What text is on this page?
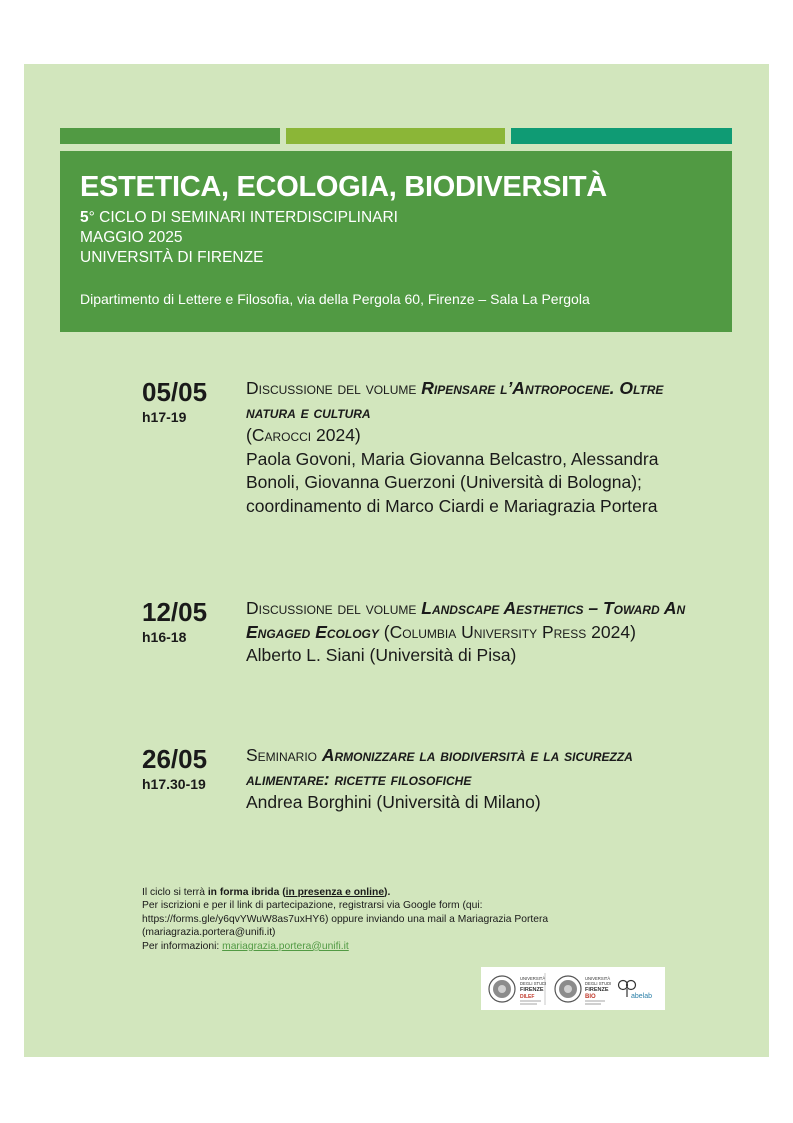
ESTETICA, ECOLOGIA, BIODIVERSITÀ
5° CICLO DI SEMINARI INTERDISCIPLINARI
MAGGIO 2025
UNIVERSITÀ DI FIRENZE
Dipartimento di Lettere e Filosofia, via della Pergola 60, Firenze – Sala La Pergola
05/05
h17-19
Discussione del volume Ripensare l’Antropocene. Oltre natura e cultura
(Carocci 2024)
Paola Govoni, Maria Giovanna Belcastro, Alessandra Bonoli, Giovanna Guerzoni (Università di Bologna);
coordinamento di Marco Ciardi e Mariagrazia Portera
12/05
h16-18
Discussione del volume Landscape Aesthetics – Toward An Engaged Ecology (Columbia University Press 2024)
Alberto L. Siani (Università di Pisa)
26/05
h17.30-19
Seminario Armonizzare la biodiversità e la sicurezza alimentare: ricette filosofiche
Andrea Borghini (Università di Milano)
Il ciclo si terrà in forma ibrida (in presenza e online).
Per iscrizioni e per il link di partecipazione, registrarsi via Google form (qui: https://forms.gle/y6qvYWuW8as7uxHY6) oppure inviando una mail a Mariagrazia Portera (mariagrazia.portera@unifi.it)
Per informazioni: mariagrazia.portera@unifi.it
UNIVERSITÀ
DEGLI STUDI
FIRENZE
DILEF
UNIVERSITÀ
DEGLI STUDI
FIRENZE
BIO	abelab
